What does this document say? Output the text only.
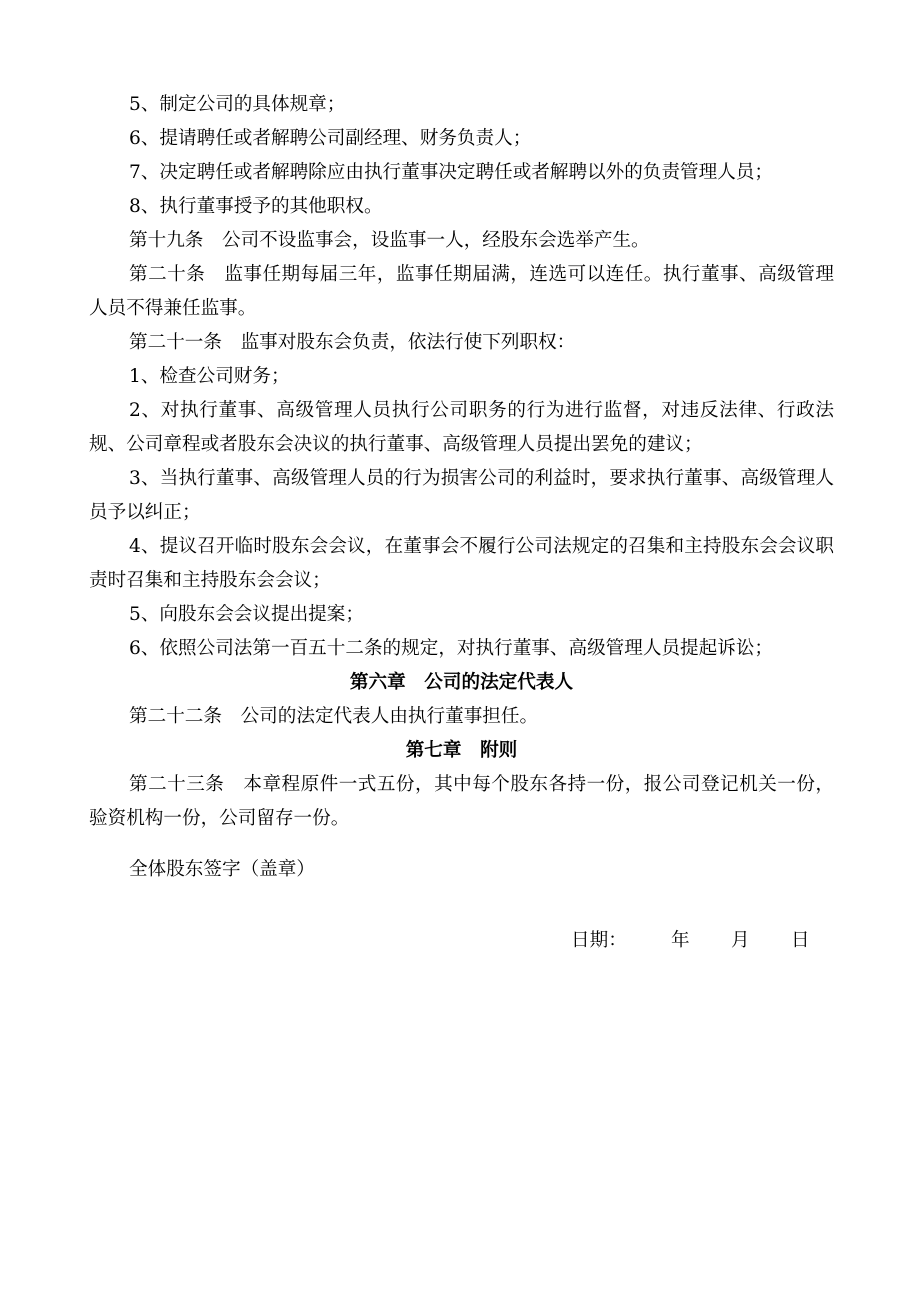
5、制定公司的具体规章；

6、提请聘任或者解聘公司副经理、财务负责人；

7、决定聘任或者解聘除应由执行董事决定聘任或者解聘以外的负责管理人员；

8、执行董事授予的其他职权。

第十九条　公司不设监事会，设监事一人，经股东会选举产生。

第二十条　监事任期每届三年，监事任期届满，连选可以连任。执行董事、高级管理人员不得兼任监事。

第二十一条　监事对股东会负责，依法行使下列职权：

1、检查公司财务；

2、对执行董事、高级管理人员执行公司职务的行为进行监督，对违反法律、行政法规、公司章程或者股东会决议的执行董事、高级管理人员提出罢免的建议；

3、当执行董事、高级管理人员的行为损害公司的利益时，要求执行董事、高级管理人员予以纠正；

4、提议召开临时股东会会议，在董事会不履行公司法规定的召集和主持股东会会议职责时召集和主持股东会会议；

5、向股东会会议提出提案；

6、依照公司法第一百五十二条的规定，对执行董事、高级管理人员提起诉讼；

第六章　公司的法定代表人

第二十二条　公司的法定代表人由执行董事担任。

第七章　附则

第二十三条　本章程原件一式五份，其中每个股东各持一份，报公司登记机关一份，验资机构一份，公司留存一份。

全体股东签字（盖章）

日期： 年 月 日
